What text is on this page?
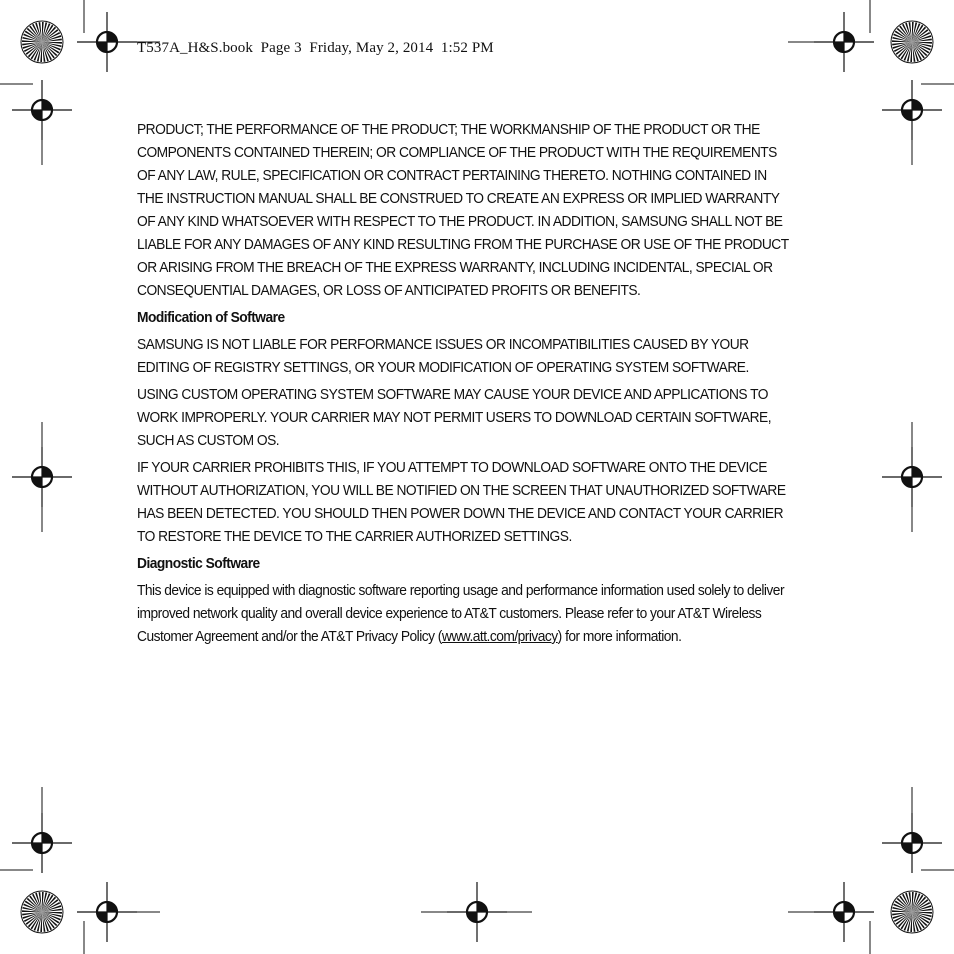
T537A_H&S.book  Page 3  Friday, May 2, 2014  1:52 PM

PRODUCT; THE PERFORMANCE OF THE PRODUCT; THE WORKMANSHIP OF THE PRODUCT OR THE COMPONENTS CONTAINED THEREIN; OR COMPLIANCE OF THE PRODUCT WITH THE REQUIREMENTS OF ANY LAW, RULE, SPECIFICATION OR CONTRACT PERTAINING THERETO. NOTHING CONTAINED IN THE INSTRUCTION MANUAL SHALL BE CONSTRUED TO CREATE AN EXPRESS OR IMPLIED WARRANTY OF ANY KIND WHATSOEVER WITH RESPECT TO THE PRODUCT. IN ADDITION, SAMSUNG SHALL NOT BE LIABLE FOR ANY DAMAGES OF ANY KIND RESULTING FROM THE PURCHASE OR USE OF THE PRODUCT OR ARISING FROM THE BREACH OF THE EXPRESS WARRANTY, INCLUDING INCIDENTAL, SPECIAL OR CONSEQUENTIAL DAMAGES, OR LOSS OF ANTICIPATED PROFITS OR BENEFITS.

Modification of Software

SAMSUNG IS NOT LIABLE FOR PERFORMANCE ISSUES OR INCOMPATIBILITIES CAUSED BY YOUR EDITING OF REGISTRY SETTINGS, OR YOUR MODIFICATION OF OPERATING SYSTEM SOFTWARE.

USING CUSTOM OPERATING SYSTEM SOFTWARE MAY CAUSE YOUR DEVICE AND APPLICATIONS TO WORK IMPROPERLY. YOUR CARRIER MAY NOT PERMIT USERS TO DOWNLOAD CERTAIN SOFTWARE, SUCH AS CUSTOM OS.

IF YOUR CARRIER PROHIBITS THIS, IF YOU ATTEMPT TO DOWNLOAD SOFTWARE ONTO THE DEVICE WITHOUT AUTHORIZATION, YOU WILL BE NOTIFIED ON THE SCREEN THAT UNAUTHORIZED SOFTWARE HAS BEEN DETECTED. YOU SHOULD THEN POWER DOWN THE DEVICE AND CONTACT YOUR CARRIER TO RESTORE THE DEVICE TO THE CARRIER AUTHORIZED SETTINGS.

Diagnostic Software

This device is equipped with diagnostic software reporting usage and performance information used solely to deliver improved network quality and overall device experience to AT&T customers. Please refer to your AT&T Wireless Customer Agreement and/or the AT&T Privacy Policy (www.att.com/privacy) for more information.
